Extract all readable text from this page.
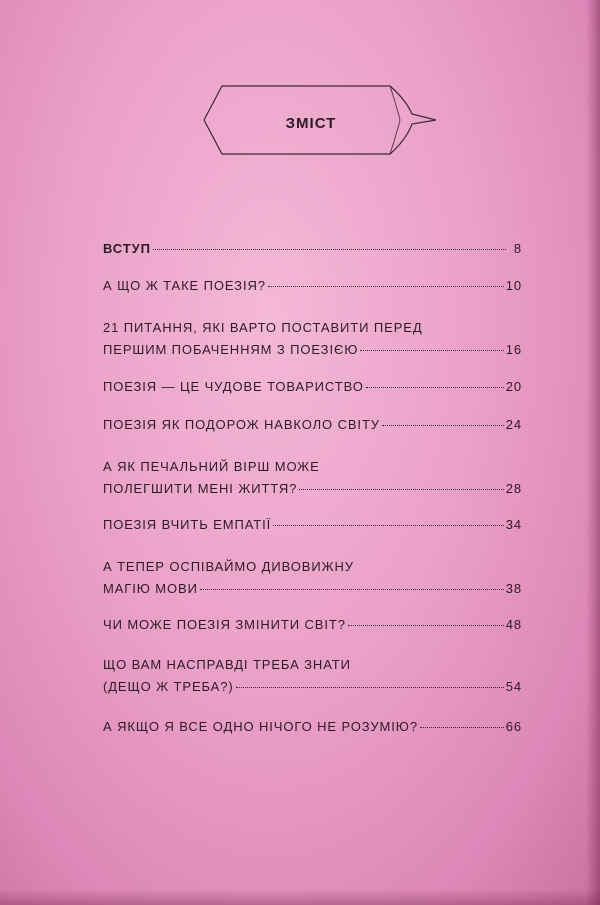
ЗМІСТ
ВСТУП	8
А ЩО Ж ТАКЕ ПОЕЗІЯ?	10
21 ПИТАННЯ, ЯКІ ВАРТО ПОСТАВИТИ ПЕРЕД
ПЕРШИМ ПОБАЧЕННЯМ З ПОЕЗІЄЮ	16
ПОЕЗІЯ — ЦЕ ЧУДОВЕ ТОВАРИСТВО	20
ПОЕЗІЯ ЯК ПОДОРОЖ НАВКОЛО СВІТУ	24
А ЯК ПЕЧАЛЬНИЙ ВІРШ МОЖЕ
ПОЛЕГШИТИ МЕНІ ЖИТТЯ?	28
ПОЕЗІЯ ВЧИТЬ ЕМПАТІЇ	34
А ТЕПЕР ОСПІВАЙМО ДИВОВИЖНУ
МАГІЮ МОВИ	38
ЧИ МОЖЕ ПОЕЗІЯ ЗМІНИТИ СВІТ?	48
ЩО ВАМ НАСПРАВДІ ТРЕБА ЗНАТИ
(ДЕЩО Ж ТРЕБА?)	54
А ЯКЩО Я ВСЕ ОДНО НІЧОГО НЕ РОЗУМІЮ?	66
